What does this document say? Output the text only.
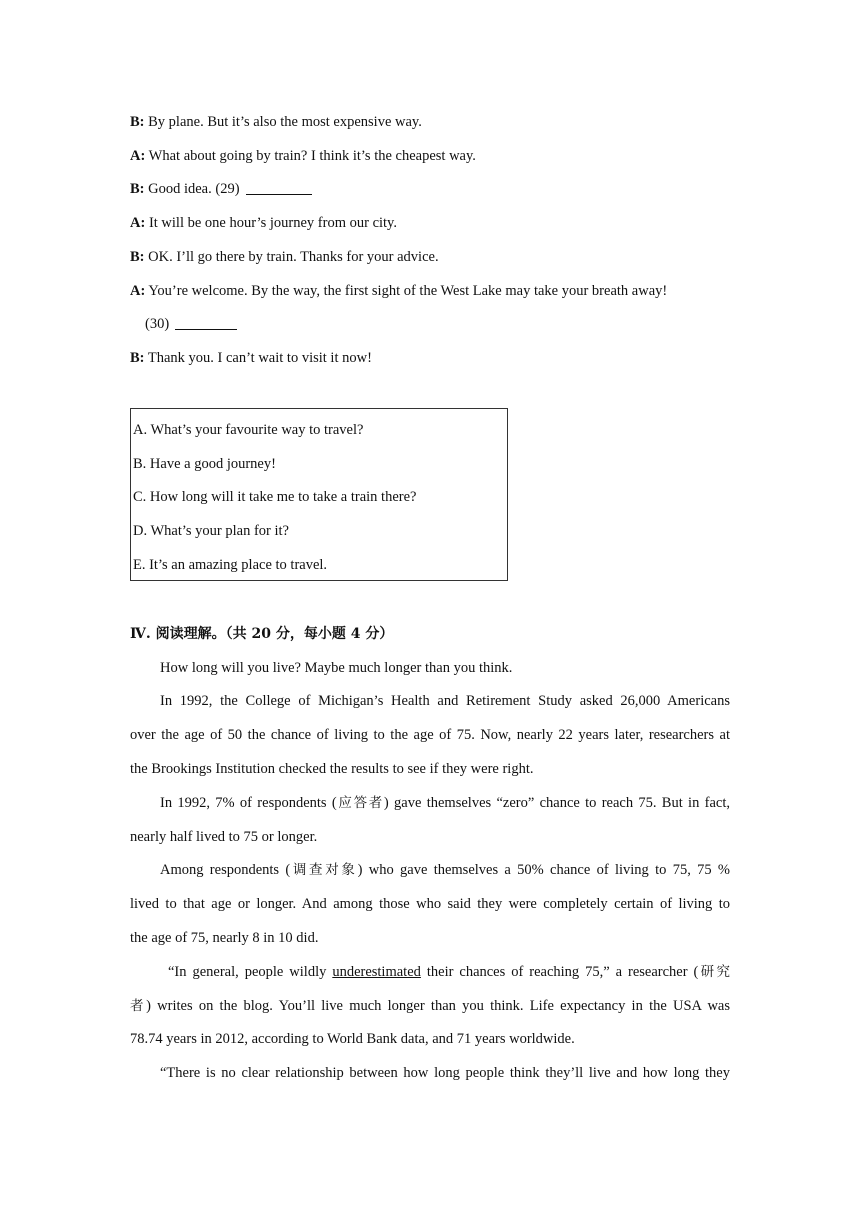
B: By plane. But it’s also the most expensive way.
A: What about going by train? I think it’s the cheapest way.
B: Good idea. (29)
A: It will be one hour’s journey from our city.
B: OK. I’ll go there by train. Thanks for your advice.
A: You’re welcome. By the way, the first sight of the West Lake may take your breath away!
(30)
B: Thank you. I can’t wait to visit it now!
A. What’s your favourite way to travel?
B. Have a good journey!
C. How long will it take me to take a train there?
D. What’s your plan for it?
E. It’s an amazing place to travel.
Ⅳ. 阅读理解。（共 20 分，每小题 4 分）
How long will you live? Maybe much longer than you think.
In 1992, the College of Michigan’s Health and Retirement Study asked 26,000 Americans
over the age of 50 the chance of living to the age of 75. Now, nearly 22 years later, researchers at
the Brookings Institution checked the results to see if they were right.
In 1992, 7% of respondents (应答者) gave themselves “zero” chance to reach 75. But in fact,
nearly half lived to 75 or longer.
Among respondents (调查对象) who gave themselves a 50% chance of living to 75, 75 %
lived to that age or longer. And among those who said they were completely certain of living to
the age of 75, nearly 8 in 10 did.
“In general, people wildly underestimated their chances of reaching 75,” a researcher (研究
者) writes on the blog. You’ll live much longer than you think. Life expectancy in the USA was
78.74 years in 2012, according to World Bank data, and 71 years worldwide.
“There is no clear relationship between how long people think they’ll live and how long they
